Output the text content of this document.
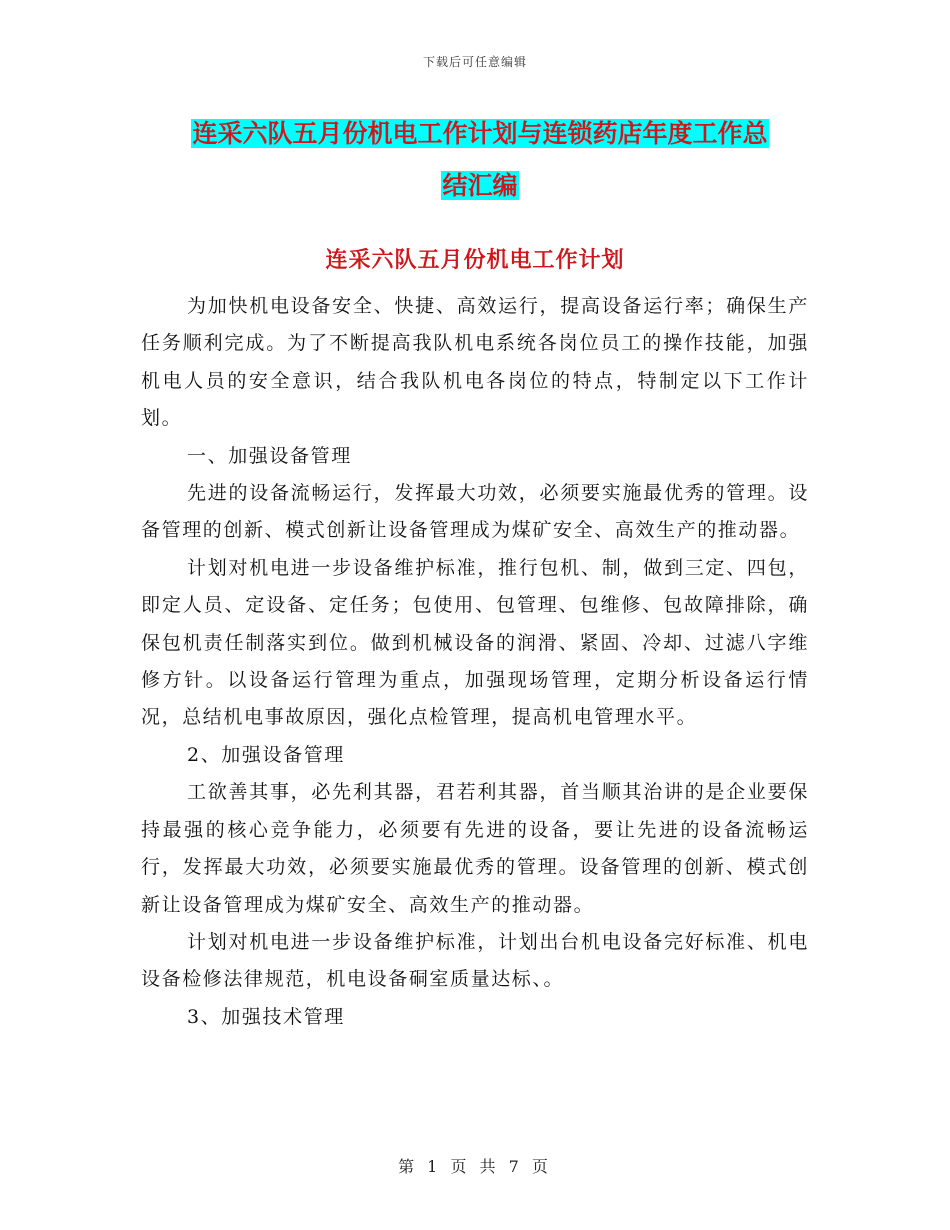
下载后可任意编辑
连采六队五月份机电工作计划与连锁药店年度工作总
结汇编
连采六队五月份机电工作计划

为加快机电设备安全、快捷、高效运行，提高设备运行率；确保生产任务顺利完成。为了不断提高我队机电系统各岗位员工的操作技能，加强机电人员的安全意识，结合我队机电各岗位的特点，特制定以下工作计划。

一、加强设备管理

先进的设备流畅运行，发挥最大功效，必须要实施最优秀的管理。设备管理的创新、模式创新让设备管理成为煤矿安全、高效生产的推动器。

计划对机电进一步设备维护标准，推行包机、制，做到三定、四包，即定人员、定设备、定任务；包使用、包管理、包维修、包故障排除，确保包机责任制落实到位。做到机械设备的润滑、紧固、冷却、过滤八字维修方针。以设备运行管理为重点，加强现场管理，定期分析设备运行情况，总结机电事故原因，强化点检管理，提高机电管理水平。

2、加强设备管理

工欲善其事，必先利其器，君若利其器，首当顺其治讲的是企业要保持最强的核心竞争能力，必须要有先进的设备，要让先进的设备流畅运行，发挥最大功效，必须要实施最优秀的管理。设备管理的创新、模式创新让设备管理成为煤矿安全、高效生产的推动器。

计划对机电进一步设备维护标准，计划出台机电设备完好标准、机电设备检修法律规范，机电设备硐室质量达标、。

3、加强技术管理

第 1 页 共 7 页
